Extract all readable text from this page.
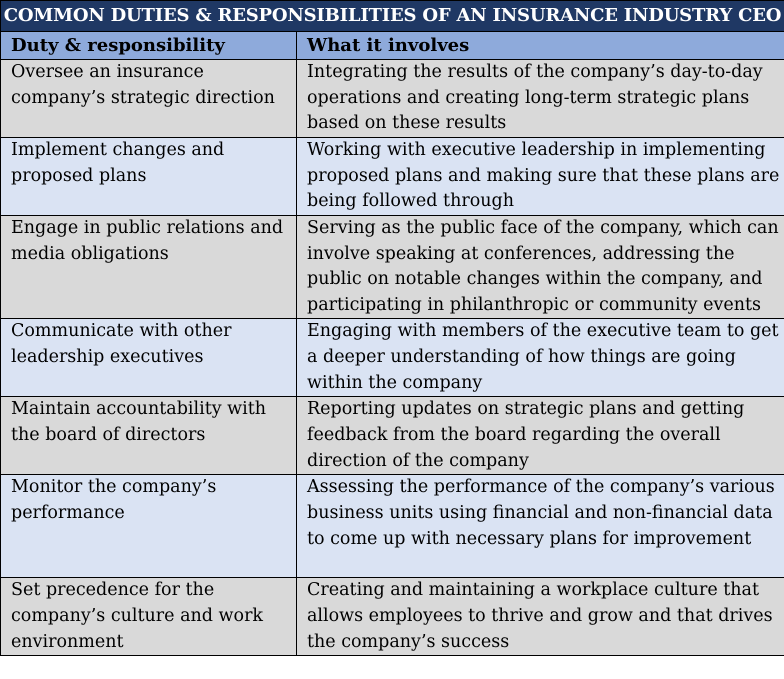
COMMON DUTIES & RESPONSIBILITIES OF AN INSURANCE INDUSTRY CEO	
Duty & responsibility	What it involves
Oversee an insurance company’s strategic direction	Integrating the results of the company’s day-to-day operations and creating long-term strategic plans based on these results
Implement changes and proposed plans	Working with executive leadership in implementing proposed plans and making sure that these plans are being followed through
Engage in public relations and media obligations	Serving as the public face of the company, which can involve speaking at conferences, addressing the public on notable changes within the company, and participating in philanthropic or community events
Communicate with other leadership executives	Engaging with members of the executive team to get a deeper understanding of how things are going within the company
Maintain accountability with the board of directors	Reporting updates on strategic plans and getting feedback from the board regarding the overall direction of the company
Monitor the company’s performance	Assessing the performance of the company’s various business units using financial and non-financial data to come up with necessary plans for improvement
Set precedence for the company’s culture and work environment	Creating and maintaining a workplace culture that allows employees to thrive and grow and that drives the company’s success
